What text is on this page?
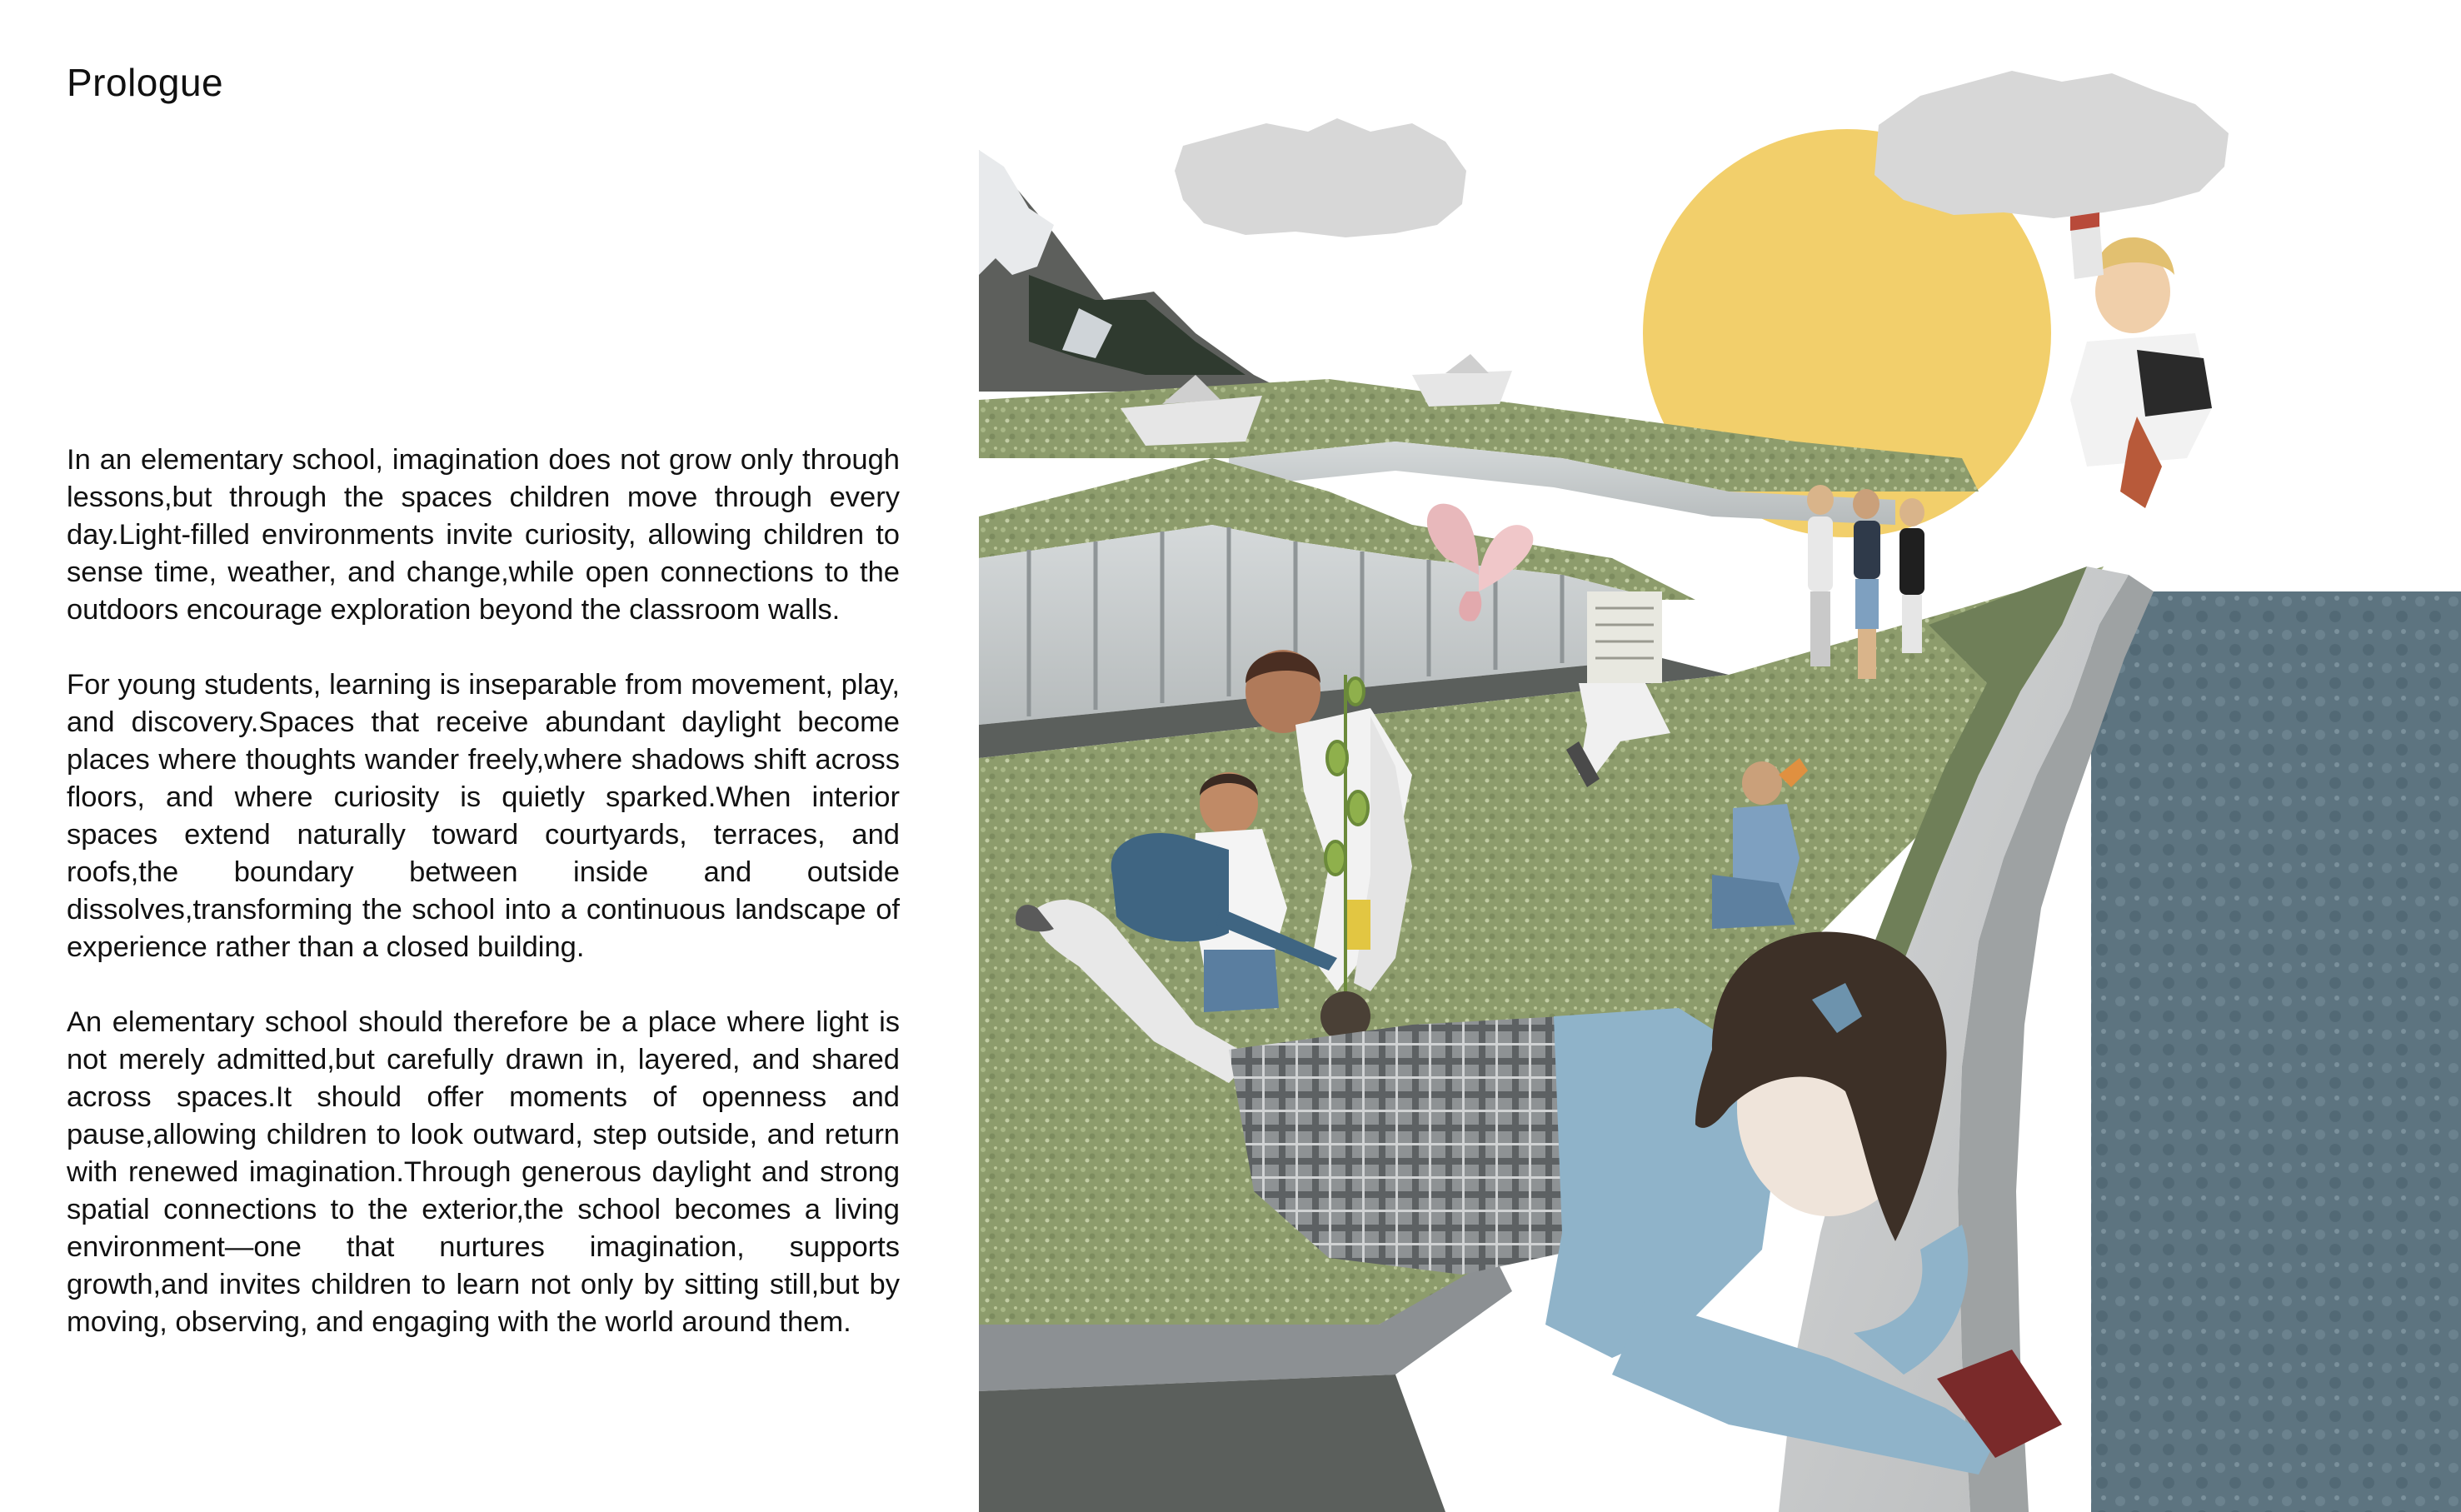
Prologue

In an elementary school, imagination does not grow only through lessons,but through the spaces children move through every day.Light-filled environments invite curiosity, allowing children to sense time, weather, and change,while open connections to the outdoors encourage exploration beyond the classroom walls.

For young students, learning is inseparable from movement, play, and discovery.Spaces that receive abundant daylight become places where thoughts wander freely,where shadows shift across floors, and where curiosity is quietly sparked.When interior spaces extend naturally toward courtyards, terraces, and roofs,the boundary between inside and outside dissolves,transforming the school into a continuous landscape of experience rather than a closed building.

An elementary school should therefore be a place where light is not merely admitted,but carefully drawn in, layered, and shared across spaces.It should offer moments of openness and pause,allowing children to look outward, step outside, and return with renewed imagination.Through generous daylight and strong spatial connections to the exterior,the school becomes a living environment—one that nurtures imagination, supports growth,and invites children to learn not only by sitting still,but by moving, observing, and engaging with the world around them.
